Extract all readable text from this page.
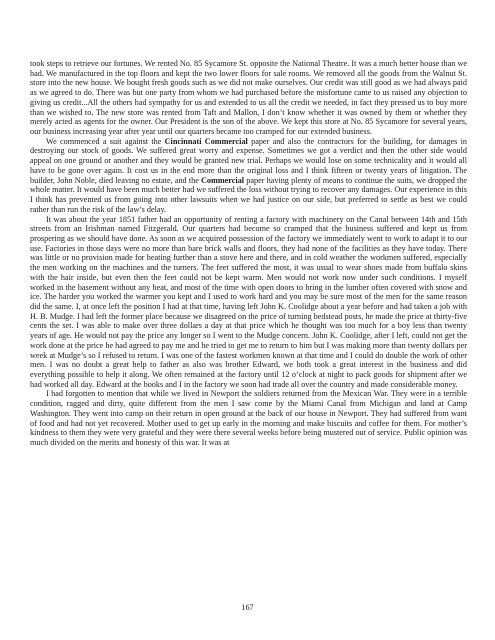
took steps to retrieve our fortunes. We rented No. 85 Sycamore St. opposite the National Theatre. It was a much better house than we had. We manufactured in the top floors and kept the two lower floors for sale rooms. We removed all the goods from the Walnut St. store into the new house. We bought fresh goods such as we did not make ourselves. Our credit was still good as we had always paid as we agreed to do. There was but one party from whom we had purchased before the misfortune came to us raised any objection to giving us credit...All the others had sympathy for us and extended to us all the credit we needed, in fact they pressed us to buy more than we wished to. The new store was rented from Taft and Mallon, I don’t know whether it was owned by them or whether they merely acted as agents for the owner. Our President is the son of the above. We kept this store at No. 85 Sycamore for several years, our business increasing year after year until our quarters became too cramped for our extended business.

We commenced a suit against the Cincinnati Commercial paper and also the contractors for the building, for damages in destroying our stock of goods. We suffered great worry and expense. Sometimes we got a verdict and then the other side would appeal on one ground or another and they would be granted new trial. Perhaps we would lose on some technicality and it would all have to be gone over again. It cost us in the end more than the original loss and I think fifteen or twenty years of litigation. The builder, John Noble, died leaving no estate, and the Commercial paper having plenty of means to continue the suits, we dropped the whole matter. It would have been much better had we suffered the loss without trying to recover any damages. Our experience in this I think has prevented us from going into other lawsuits when we had justice on our side, but preferred to settle as best we could rather than run the risk of the law’s delay.

It was about the year 1851 father had an opportunity of renting a factory with machinery on the Canal between 14th and 15th streets from an Irishman named Fitzgerald. Our quarters had become so cramped that the business suffered and kept us from prospering as we should have done. As soon as we acquired possession of the factory we immediately went to work to adapt it to our use. Factories in those days were no more than bare brick walls and floors, they had none of the facilities as they have today. There was little or no provision made for heating further than a stove here and there, and in cold weather the workmen suffered, especially the men working on the machines and the turners. The feet suffered the most, it was usual to wear shoes made from buffalo skins with the hair inside, but even then the feet could not be kept warm. Men would not work now under such conditions. I myself worked in the basement without any heat, and most of the time with open doors to bring in the lumber often covered with snow and ice. The harder you worked the warmer you kept and I used to work hard and you may be sure most of the men for the same reason did the same. I, at once left the position I had at that time, having left John K. Coolidge about a year before and had taken a job with H. B. Mudge. I had left the former place because we disagreed on the price of turning bedstead posts, he made the price at thirty-five cents the set. I was able to make over three dollars a day at that price which he thought was too much for a boy less than twenty years of age. He would not pay the price any longer so I went to the Mudge concern. John K. Coolidge, after I left, could not get the work done at the price he had agreed to pay me and he tried to get me to return to him but I was making more than twenty dollars per week at Mudge’s so I refused to return. I was one of the fastest workmen known at that time and I could do double the work of other men. I was no doubt a great help to father as also was brother Edward, we both took a great interest in the business and did everything possible to help it along. We often remained at the factory until 12 o’clock at night to pack goods for shipment after we had worked all day. Edward at the books and I in the factory we soon had trade all over the country and made considerable money.

I had forgotten to mention that while we lived in Newport the soldiers returned from the Mexican War. They were in a terrible condition, ragged and dirty, quite different from the men I saw come by the Miami Canal from Michigan and land at Camp Washington. They went into camp on their return in open ground at the back of our house in Newport. They had suffered from want of food and had not yet recovered. Mother used to get up early in the morning and make biscuits and coffee for them. For mother’s kindness to them they were very grateful and they were there several weeks before being mustered out of service. Public opinion was much divided on the merits and honesty of this war. It was at

167
